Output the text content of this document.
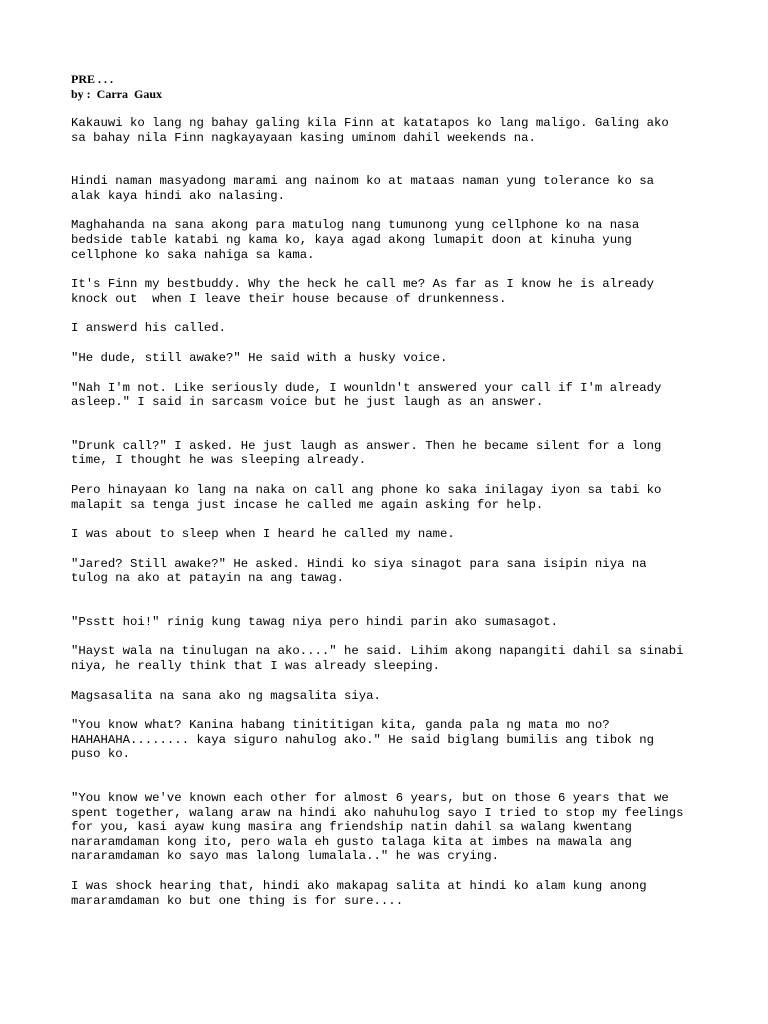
PRE . . .
by :  Carra  Gaux

Kakauwi ko lang ng bahay galing kila Finn at katatapos ko lang maligo. Galing ako
sa bahay nila Finn nagkayayaan kasing uminom dahil weekends na.

Hindi naman masyadong marami ang nainom ko at mataas naman yung tolerance ko sa
alak kaya hindi ako nalasing.

Maghahanda na sana akong para matulog nang tumunong yung cellphone ko na nasa
bedside table katabi ng kama ko, kaya agad akong lumapit doon at kinuha yung
cellphone ko saka nahiga sa kama.

It's Finn my bestbuddy. Why the heck he call me? As far as I know he is already
knock out  when I leave their house because of drunkenness.

I answerd his called.

"He dude, still awake?" He said with a husky voice.

"Nah I'm not. Like seriously dude, I wounldn't answered your call if I'm already
asleep." I said in sarcasm voice but he just laugh as an answer.

"Drunk call?" I asked. He just laugh as answer. Then he became silent for a long
time, I thought he was sleeping already.

Pero hinayaan ko lang na naka on call ang phone ko saka inilagay iyon sa tabi ko
malapit sa tenga just incase he called me again asking for help.

I was about to sleep when I heard he called my name.

"Jared? Still awake?" He asked. Hindi ko siya sinagot para sana isipin niya na
tulog na ako at patayin na ang tawag.

"Psstt hoi!" rinig kung tawag niya pero hindi parin ako sumasagot.

"Hayst wala na tinulugan na ako...." he said. Lihim akong napangiti dahil sa sinabi
niya, he really think that I was already sleeping.

Magsasalita na sana ako ng magsalita siya.

"You know what? Kanina habang tinititigan kita, ganda pala ng mata mo no?
HAHAHAHA........ kaya siguro nahulog ako." He said biglang bumilis ang tibok ng
puso ko.

"You know we've known each other for almost 6 years, but on those 6 years that we
spent together, walang araw na hindi ako nahuhulog sayo I tried to stop my feelings
for you, kasi ayaw kung masira ang friendship natin dahil sa walang kwentang
nararamdaman kong ito, pero wala eh gusto talaga kita at imbes na mawala ang
nararamdaman ko sayo mas lalong lumalala.." he was crying.

I was shock hearing that, hindi ako makapag salita at hindi ko alam kung anong
mararamdaman ko but one thing is for sure....
